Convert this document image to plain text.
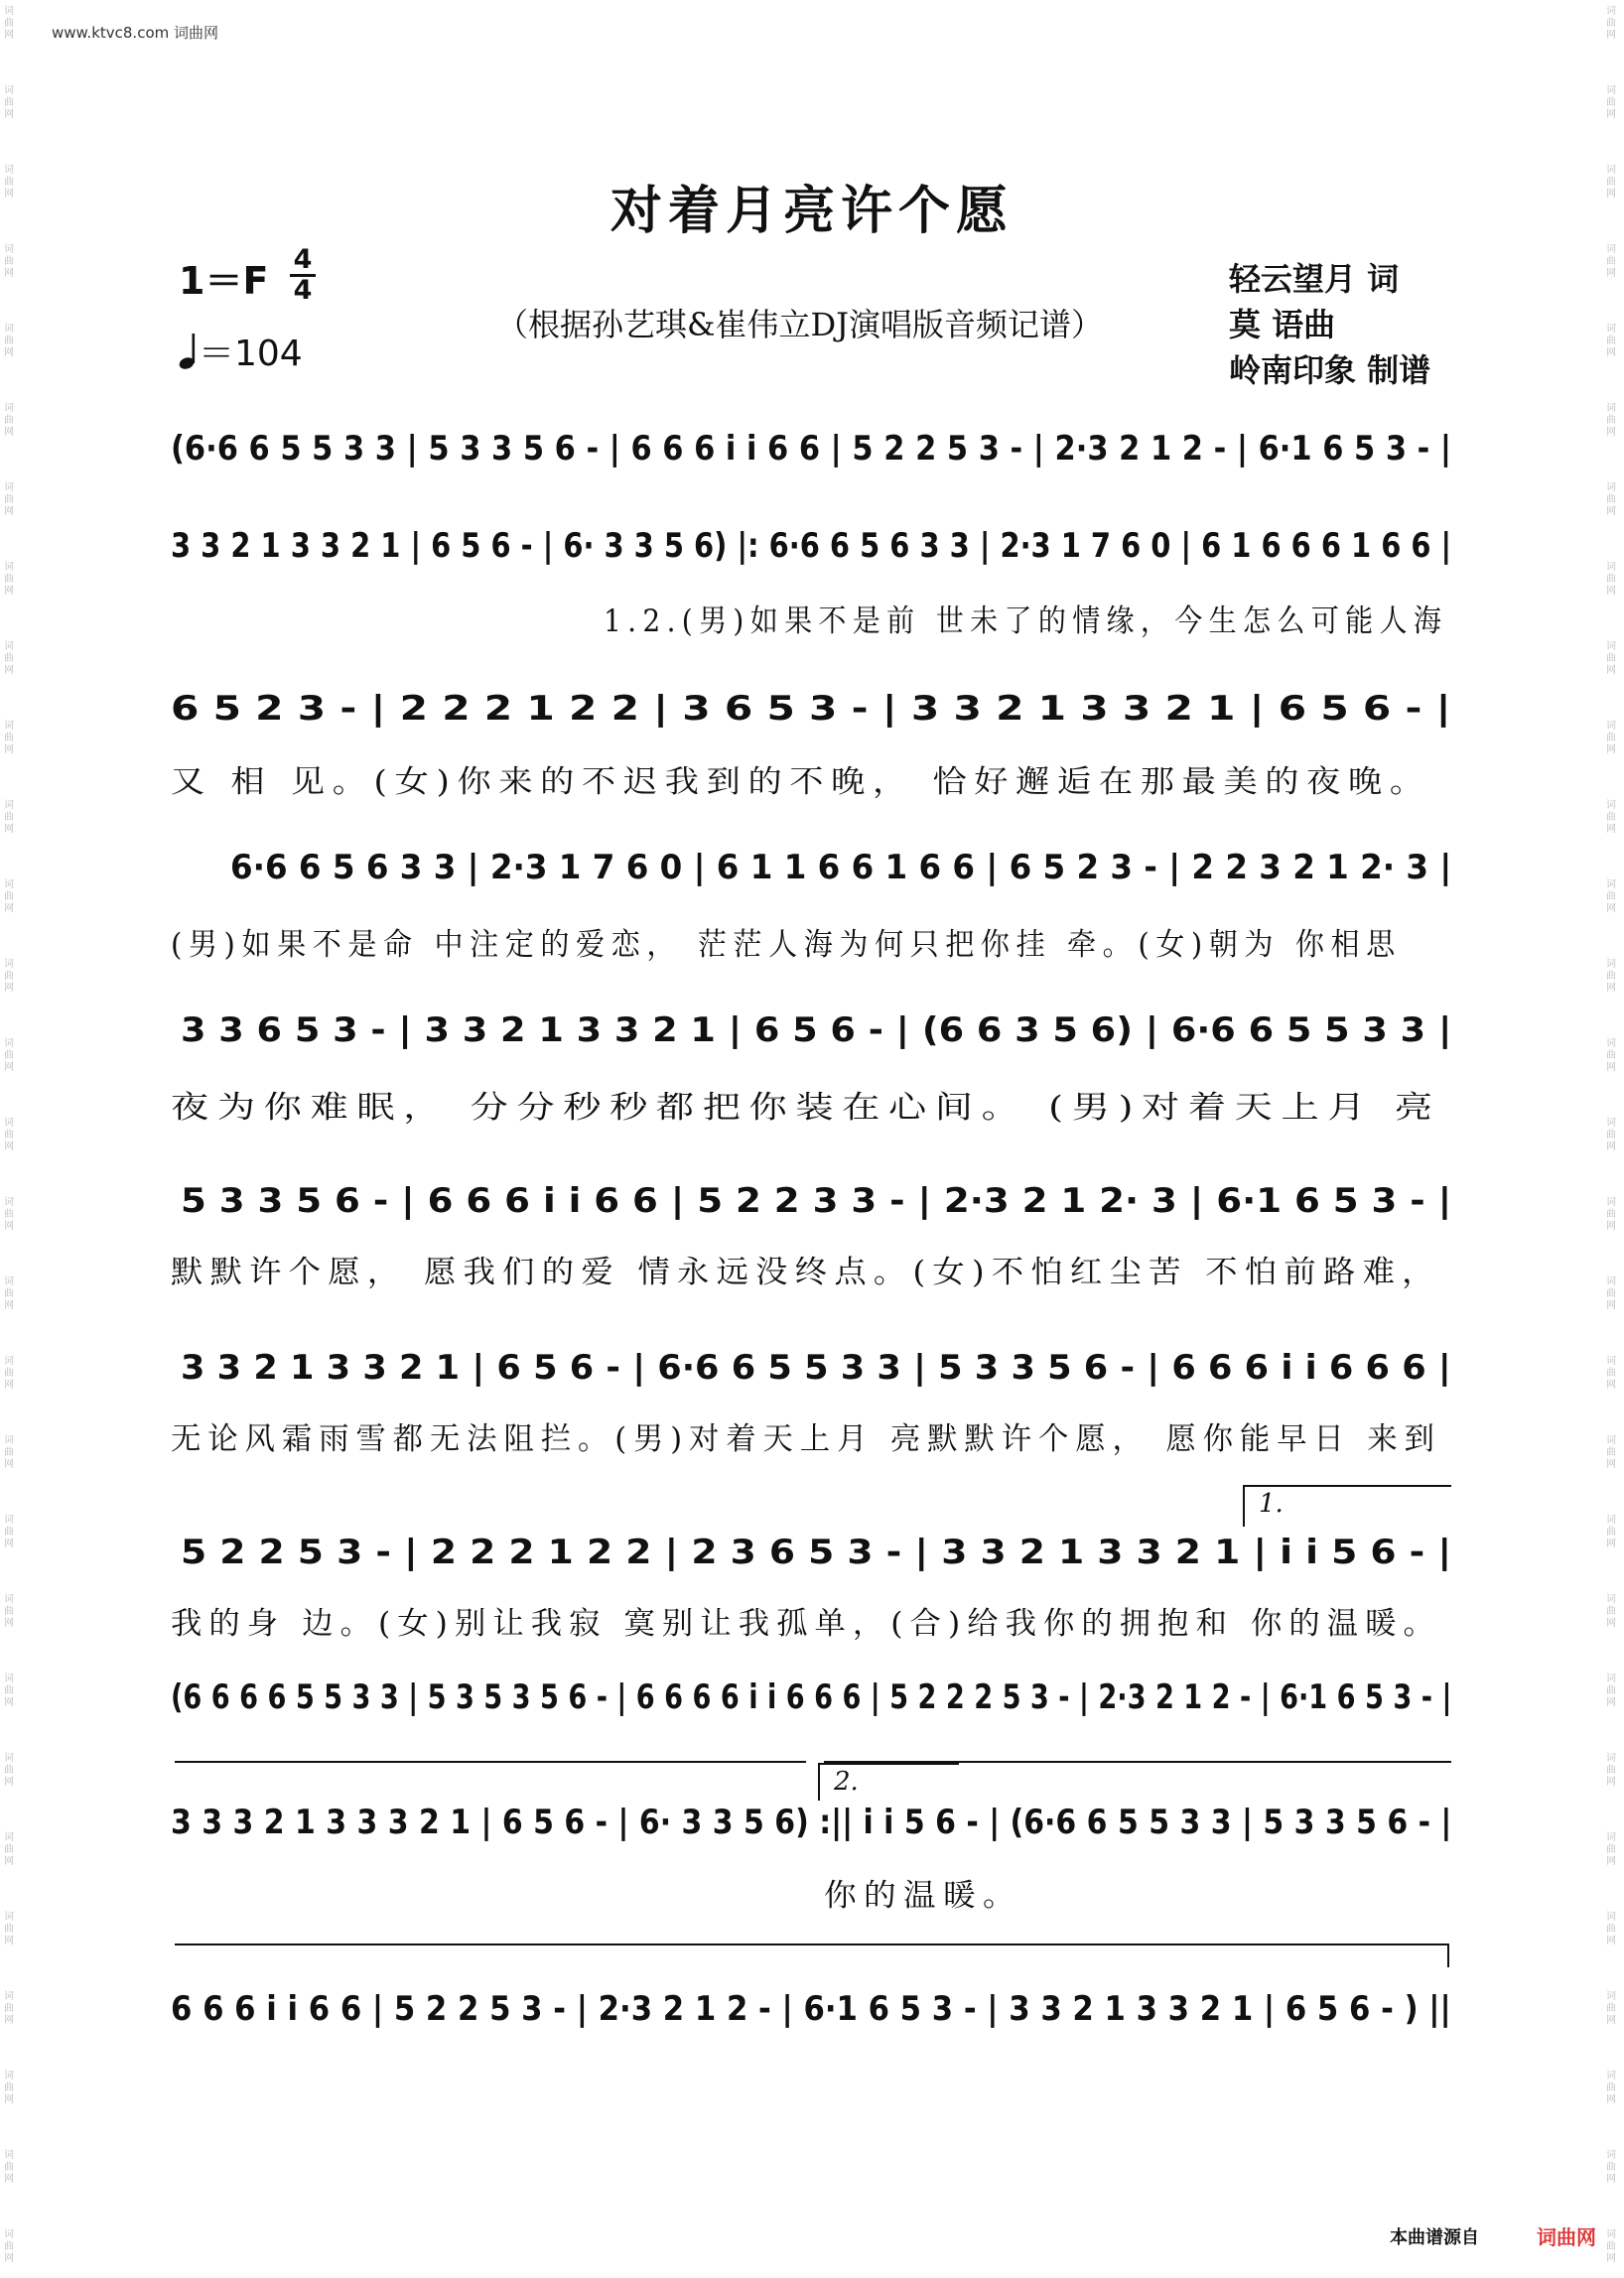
词曲网
词曲网
词曲网
词曲网
词曲网
词曲网
词曲网
词曲网
词曲网
词曲网
词曲网
词曲网
词曲网
词曲网
词曲网
词曲网
词曲网
词曲网
词曲网
词曲网
词曲网
词曲网
词曲网
词曲网
词曲网
词曲网
词曲网
词曲网
词曲网
词曲网
词曲网
词曲网
词曲网
词曲网
词曲网
词曲网
词曲网
词曲网
词曲网
词曲网
词曲网
词曲网
词曲网
词曲网
词曲网
词曲网
词曲网
词曲网
词曲网
词曲网
词曲网
词曲网
词曲网
词曲网
词曲网
词曲网
词曲网
词曲网
www.ktvc8.com 词曲网
对着月亮许个愿
1＝F 4
4
＝104
（根据孙艺琪&崔伟立DJ演唱版音频记谱）
轻云望月 词
莫 语曲
岭南印象 制谱
(6·6 6 5 5 3 3 | 5 3 3 5 6 - | 6 6 6 i i 6 6 | 5 2 2 5 3 - | 2·3 2 1 2 - | 6·1 6 5 3 - |
3 3 2 1 3 3 2 1 | 6 5 6 - | 6· 3 3 5 6) |: 6·6 6 5 6 3 3 | 2·3 1 7 6 0 | 6 1 6 6 6 1 6 6 |
1.2.(男)如果不是前 世未了的情缘，今生怎么可能人海
6 5 2 3 - | 2 2 2 1 2 2 | 3 6 5 3 - | 3 3 2 1 3 3 2 1 | 6 5 6 - |
又 相 见。(女)你来的不迟我到的不晚， 恰好邂逅在那最美的夜晚。
6·6 6 5 6 3 3 | 2·3 1 7 6 0 | 6 1 1 6 6 1 6 6 | 6 5 2 3 - | 2 2 3 2 1 2· 3 |
(男)如果不是命 中注定的爱恋， 茫茫人海为何只把你挂 牵。(女)朝为 你相思
3 3 6 5 3 - | 3 3 2 1 3 3 2 1 | 6 5 6 - | (6 6 3 5 6) | 6·6 6 5 5 3 3 |
夜为你难眠， 分分秒秒都把你装在心间。 (男)对着天上月 亮
5 3 3 5 6 - | 6 6 6 i i 6 6 | 5 2 2 3 3 - | 2·3 2 1 2· 3 | 6·1 6 5 3 - |
默默许个愿， 愿我们的爱 情永远没终点。(女)不怕红尘苦 不怕前路难，
3 3 2 1 3 3 2 1 | 6 5 6 - | 6·6 6 5 5 3 3 | 5 3 3 5 6 - | 6 6 6 i i 6 6 6 |
无论风霜雨雪都无法阻拦。(男)对着天上月 亮默默许个愿， 愿你能早日 来到
1.
5 2 2 5 3 - | 2 2 2 1 2 2 | 2 3 6 5 3 - | 3 3 2 1 3 3 2 1 | i i 5 6 - |
我的身 边。(女)别让我寂 寞别让我孤单，(合)给我你的拥抱和 你的温暖。
(6 6 6 6 5 5 3 3 | 5 3 5 3 5 6 - | 6 6 6 6 i i 6 6 6 | 5 2 2 2 5 3 - | 2·3 2 1 2 - | 6·1 6 5 3 - |
2.
3 3 3 2 1 3 3 3 2 1 | 6 5 6 - | 6· 3 3 5 6) :|| i i 5 6 - | (6·6 6 5 5 3 3 | 5 3 3 5 6 - |
你的温暖。
6 6 6 i i 6 6 | 5 2 2 5 3 - | 2·3 2 1 2 - | 6·1 6 5 3 - | 3 3 2 1 3 3 2 1 | 6 5 6 - ) ||
本曲谱源自	词曲网
